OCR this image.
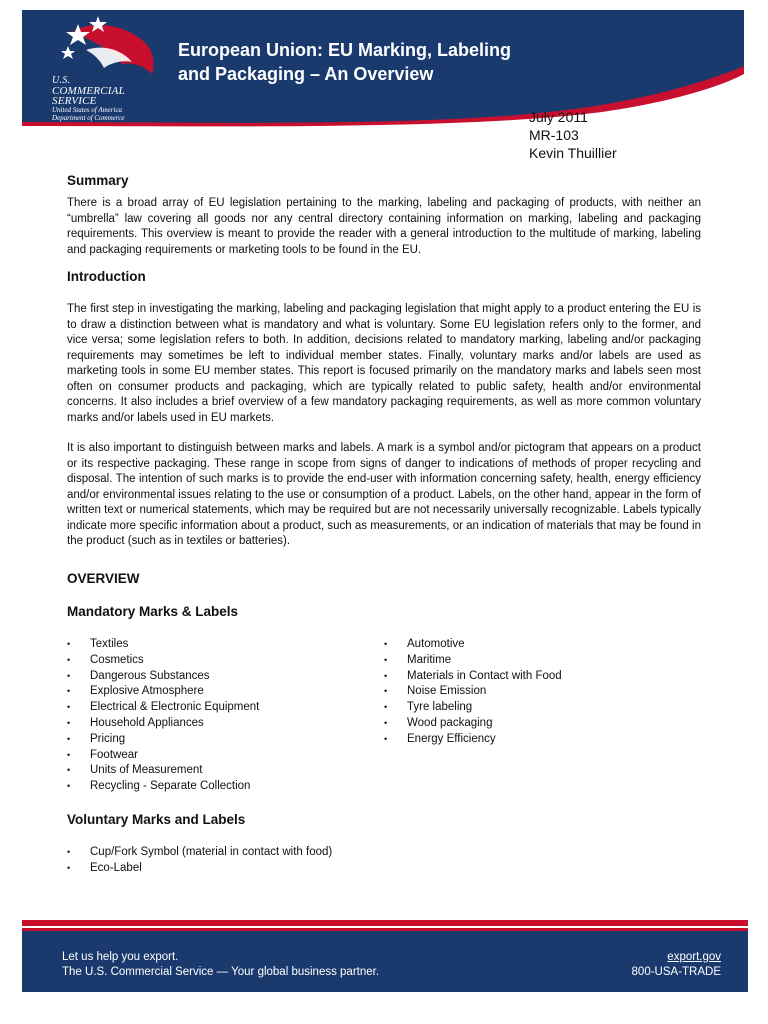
U.S.
COMMERCIAL
SERVICE
United States of America
Department of Commerce
European Union: EU Marking, Labeling
and Packaging – An Overview
July 2011
MR-103
Kevin Thuillier
Summary

There is a broad array of EU legislation pertaining to the marking, labeling and packaging of products, with neither an “umbrella” law covering all goods nor any central directory containing information on marking, labeling and packaging requirements. This overview is meant to provide the reader with a general introduction to the multitude of marking, labeling and packaging requirements or marketing tools to be found in the EU.

Introduction

The first step in investigating the marking, labeling and packaging legislation that might apply to a product entering the EU is to draw a distinction between what is mandatory and what is voluntary. Some EU legislation refers only to the former, and vice versa; some legislation refers to both. In addition, decisions related to mandatory marking, labeling and/or packaging requirements may sometimes be left to individual member states. Finally, voluntary marks and/or labels are used as marketing tools in some EU member states. This report is focused primarily on the mandatory marks and labels seen most often on consumer products and packaging, which are typically related to public safety, health and/or environmental concerns. It also includes a brief overview of a few mandatory packaging requirements, as well as more common voluntary marks and/or labels used in EU markets.

It is also important to distinguish between marks and labels. A mark is a symbol and/or pictogram that appears on a product or its respective packaging. These range in scope from signs of danger to indications of methods of proper recycling and disposal. The intention of such marks is to provide the end-user with information concerning safety, health, energy efficiency and/or environmental issues relating to the use or consumption of a product. Labels, on the other hand, appear in the form of written text or numerical statements, which may be required but are not necessarily universally recognizable. Labels typically indicate more specific information about a product, such as measurements, or an indication of materials that may be found in the product (such as in textiles or batteries).

OVERVIEW
Mandatory Marks & Labels
• Textiles
• Cosmetics
• Dangerous Substances
• Explosive Atmosphere
• Electrical & Electronic Equipment
• Household Appliances
• Pricing
• Footwear
• Units of Measurement
• Recycling - Separate Collection
• Automotive
• Maritime
• Materials in Contact with Food
• Noise Emission
• Tyre labeling
• Wood packaging
• Energy Efficiency
Voluntary Marks and Labels
• Cup/Fork Symbol (material in contact with food)
• Eco-Label
Let us help you export.
The U.S. Commercial Service — Your global business partner.
export.gov
800-USA-TRADE
